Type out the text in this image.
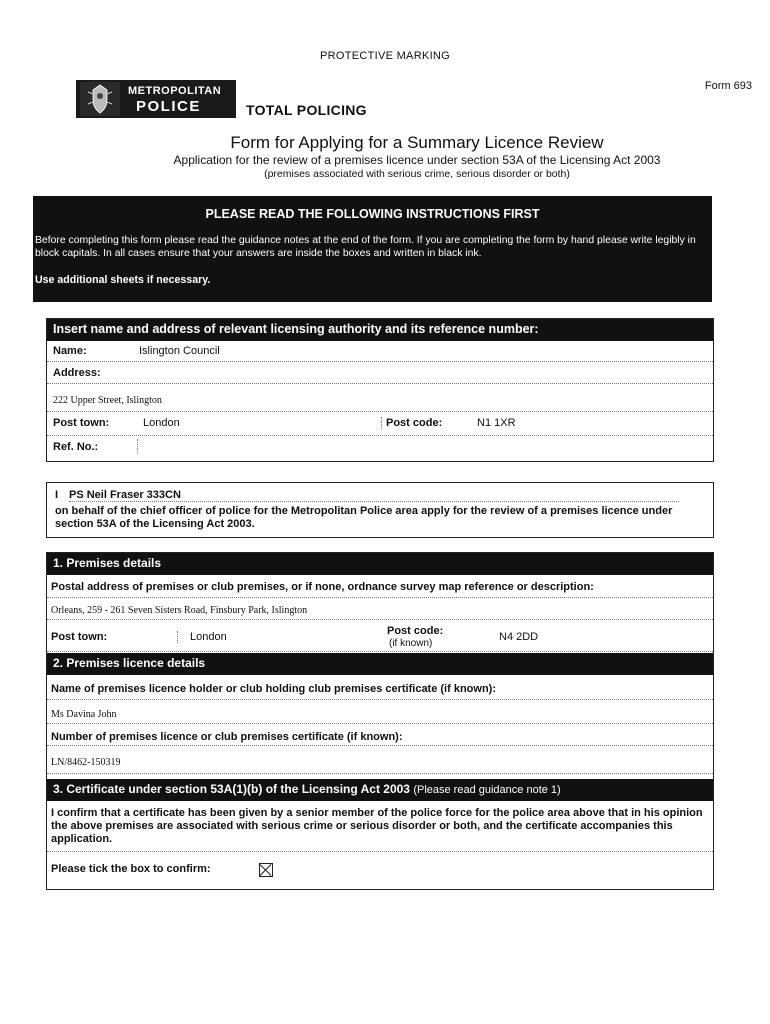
PROTECTIVE MARKING
Form 693
METROPOLITAN
POLICE	TOTAL POLICING
Form for Applying for a Summary Licence Review
Application for the review of a premises licence under section 53A of the Licensing Act 2003
(premises associated with serious crime, serious disorder or both)
PLEASE READ THE FOLLOWING INSTRUCTIONS FIRST
Before completing this form please read the guidance notes at the end of the form. If you are completing the form by hand please write legibly in block capitals. In all cases ensure that your answers are inside the boxes and written in black ink.
Use additional sheets if necessary.
Insert name and address of relevant licensing authority and its reference number:
Name:	Islington Council
Address:
222 Upper Street, Islington
Post town:	London	Post code:	N1 1XR
Ref. No.:
I PS Neil Fraser 333CN
on behalf of the chief officer of police for the Metropolitan Police area apply for the review of a premises licence under section 53A of the Licensing Act 2003.
1. Premises details
Postal address of premises or club premises, or if none, ordnance survey map reference or description:
Orleans, 259 - 261 Seven Sisters Road, Finsbury Park, Islington
Post town:	London	Post code:
(if known)
N4 2DD
2. Premises licence details
Name of premises licence holder or club holding club premises certificate (if known):
Ms Davina John
Number of premises licence or club premises certificate (if known):
LN/8462-150319
3. Certificate under section 53A(1)(b) of the Licensing Act 2003 (Please read guidance note 1)
I confirm that a certificate has been given by a senior member of the police force for the police area above that in his opinion the above premises are associated with serious crime or serious disorder or both, and the certificate accompanies this application.
Please tick the box to confirm:
